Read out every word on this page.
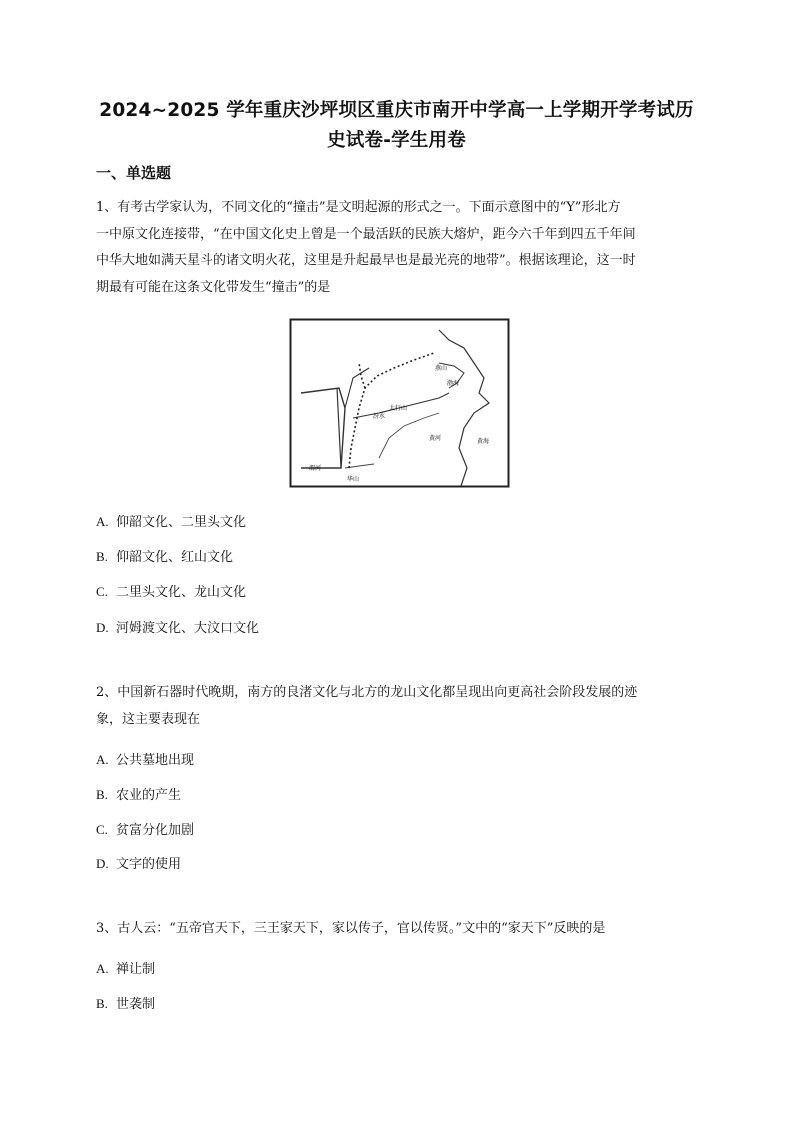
2024~2025 学年重庆沙坪坝区重庆市南开中学高一上学期开学考试历
史试卷-学生用卷
一、单选题
1、有考古学家认为，不同文化的“撞击”是文明起源的形式之一。下面示意图中的“Y”形北方
一中原文化连接带，“在中国文化史上曾是一个最活跃的民族大熔炉，距今六千年到四五千年间
中华大地如满天星斗的诸文明火花，这里是升起最早也是最光亮的地带”。根据该理论，这一时
期最有可能在这条文化带发生“撞击”的是
燕山
渤海
太行山
汾水
黄河	黄海
渭河
华山
A. 仰韶文化、二里头文化
B. 仰韶文化、红山文化
C. 二里头文化、龙山文化
D. 河姆渡文化、大汶口文化
2、中国新石器时代晚期，南方的良渚文化与北方的龙山文化都呈现出向更高社会阶段发展的迹
象，这主要表现在
A. 公共墓地出现
B. 农业的产生
C. 贫富分化加剧
D. 文字的使用
3、古人云：“五帝官天下，三王家天下，家以传子，官以传贤。”文中的“家天下”反映的是
A. 禅让制
B. 世袭制
